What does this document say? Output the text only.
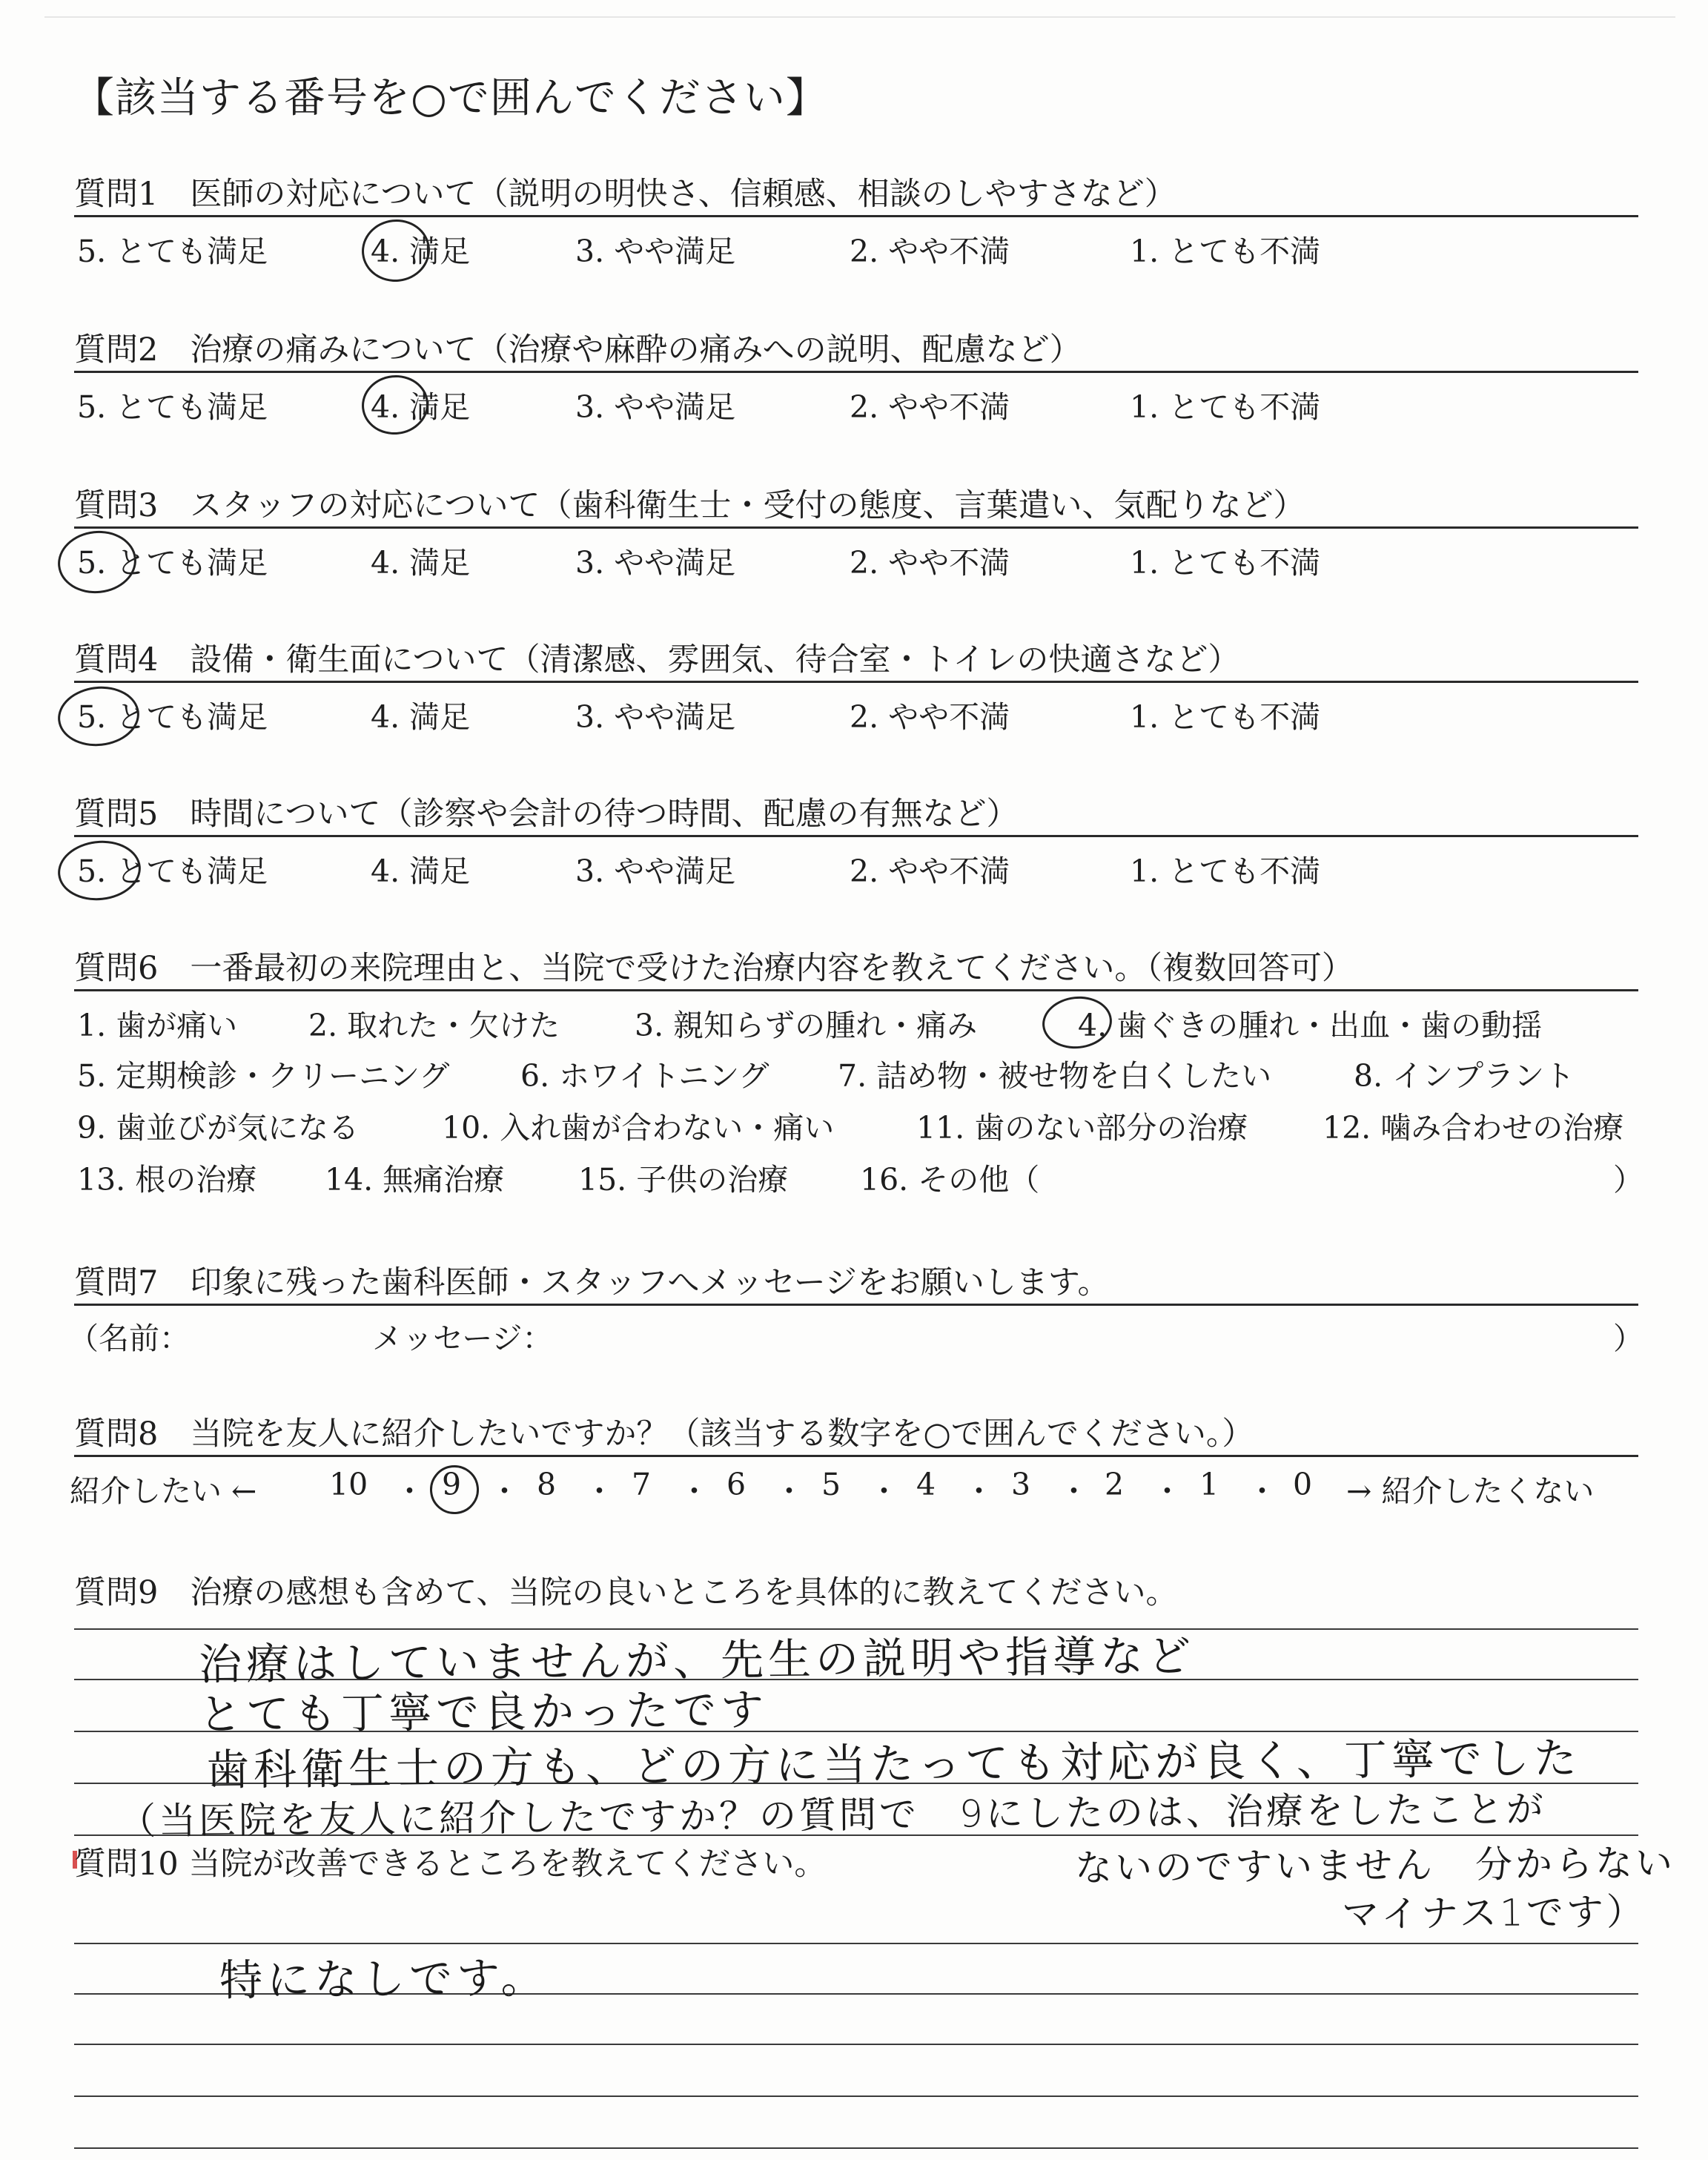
【該当する番号を○で囲んでください】
質問1　医師の対応について（説明の明快さ、信頼感、相談のしやすさなど）
5. とても満足	4. 満足	3. やや満足	2. やや不満	1. とても不満
質問2　治療の痛みについて（治療や麻酔の痛みへの説明、配慮など）
5. とても満足	4. 満足	3. やや満足	2. やや不満	1. とても不満
質問3　スタッフの対応について（歯科衛生士・受付の態度、言葉遣い、気配りなど）
5. とても満足	4. 満足	3. やや満足	2. やや不満	1. とても不満
質問4　設備・衛生面について（清潔感、雰囲気、待合室・トイレの快適さなど）
5. とても満足	4. 満足	3. やや満足	2. やや不満	1. とても不満
質問5　時間について（診察や会計の待つ時間、配慮の有無など）
5. とても満足	4. 満足	3. やや満足	2. やや不満	1. とても不満
質問6　一番最初の来院理由と、当院で受けた治療内容を教えてください。（複数回答可）
1. 歯が痛い 2. 取れた・欠けた 3. 親知らずの腫れ・痛み	4. 歯ぐきの腫れ・出血・歯の動揺
5. 定期検診・クリーニング 6. ホワイトニング 7. 詰め物・被せ物を白くしたい	8. インプラント
9. 歯並びが気になる	10. 入れ歯が合わない・痛い	11. 歯のない部分の治療 12. 噛み合わせの治療
13. 根の治療 14. 無痛治療 15. 子供の治療 16. その他（	）
質問7　印象に残った歯科医師・スタッフへメッセージをお願いします。
（名前：	メッセージ：	）
質問8　当院を友人に紹介したいですか？（該当する数字を○で囲んでください。）
紹介したい ← 10 ・ 9 ・ 8 ・ 7 ・ 6 ・ 5 ・ 4 ・ 3 ・ 2 ・ 1 ・ 0 → 紹介したくない
質問9　治療の感想も含めて、当院の良いところを具体的に教えてください。
治療はしていませんが、先生の説明や指導など
とても丁寧で良かったです
歯科衛生士の方も、どの方に当たっても対応が良く、丁寧でした
（当医院を友人に紹介したですか？の質問で　9にしたのは、治療をしたことが
ないのですいません　分からない
マイナス1です）
質問10 当院が改善できるところを教えてください。
特になしです。
